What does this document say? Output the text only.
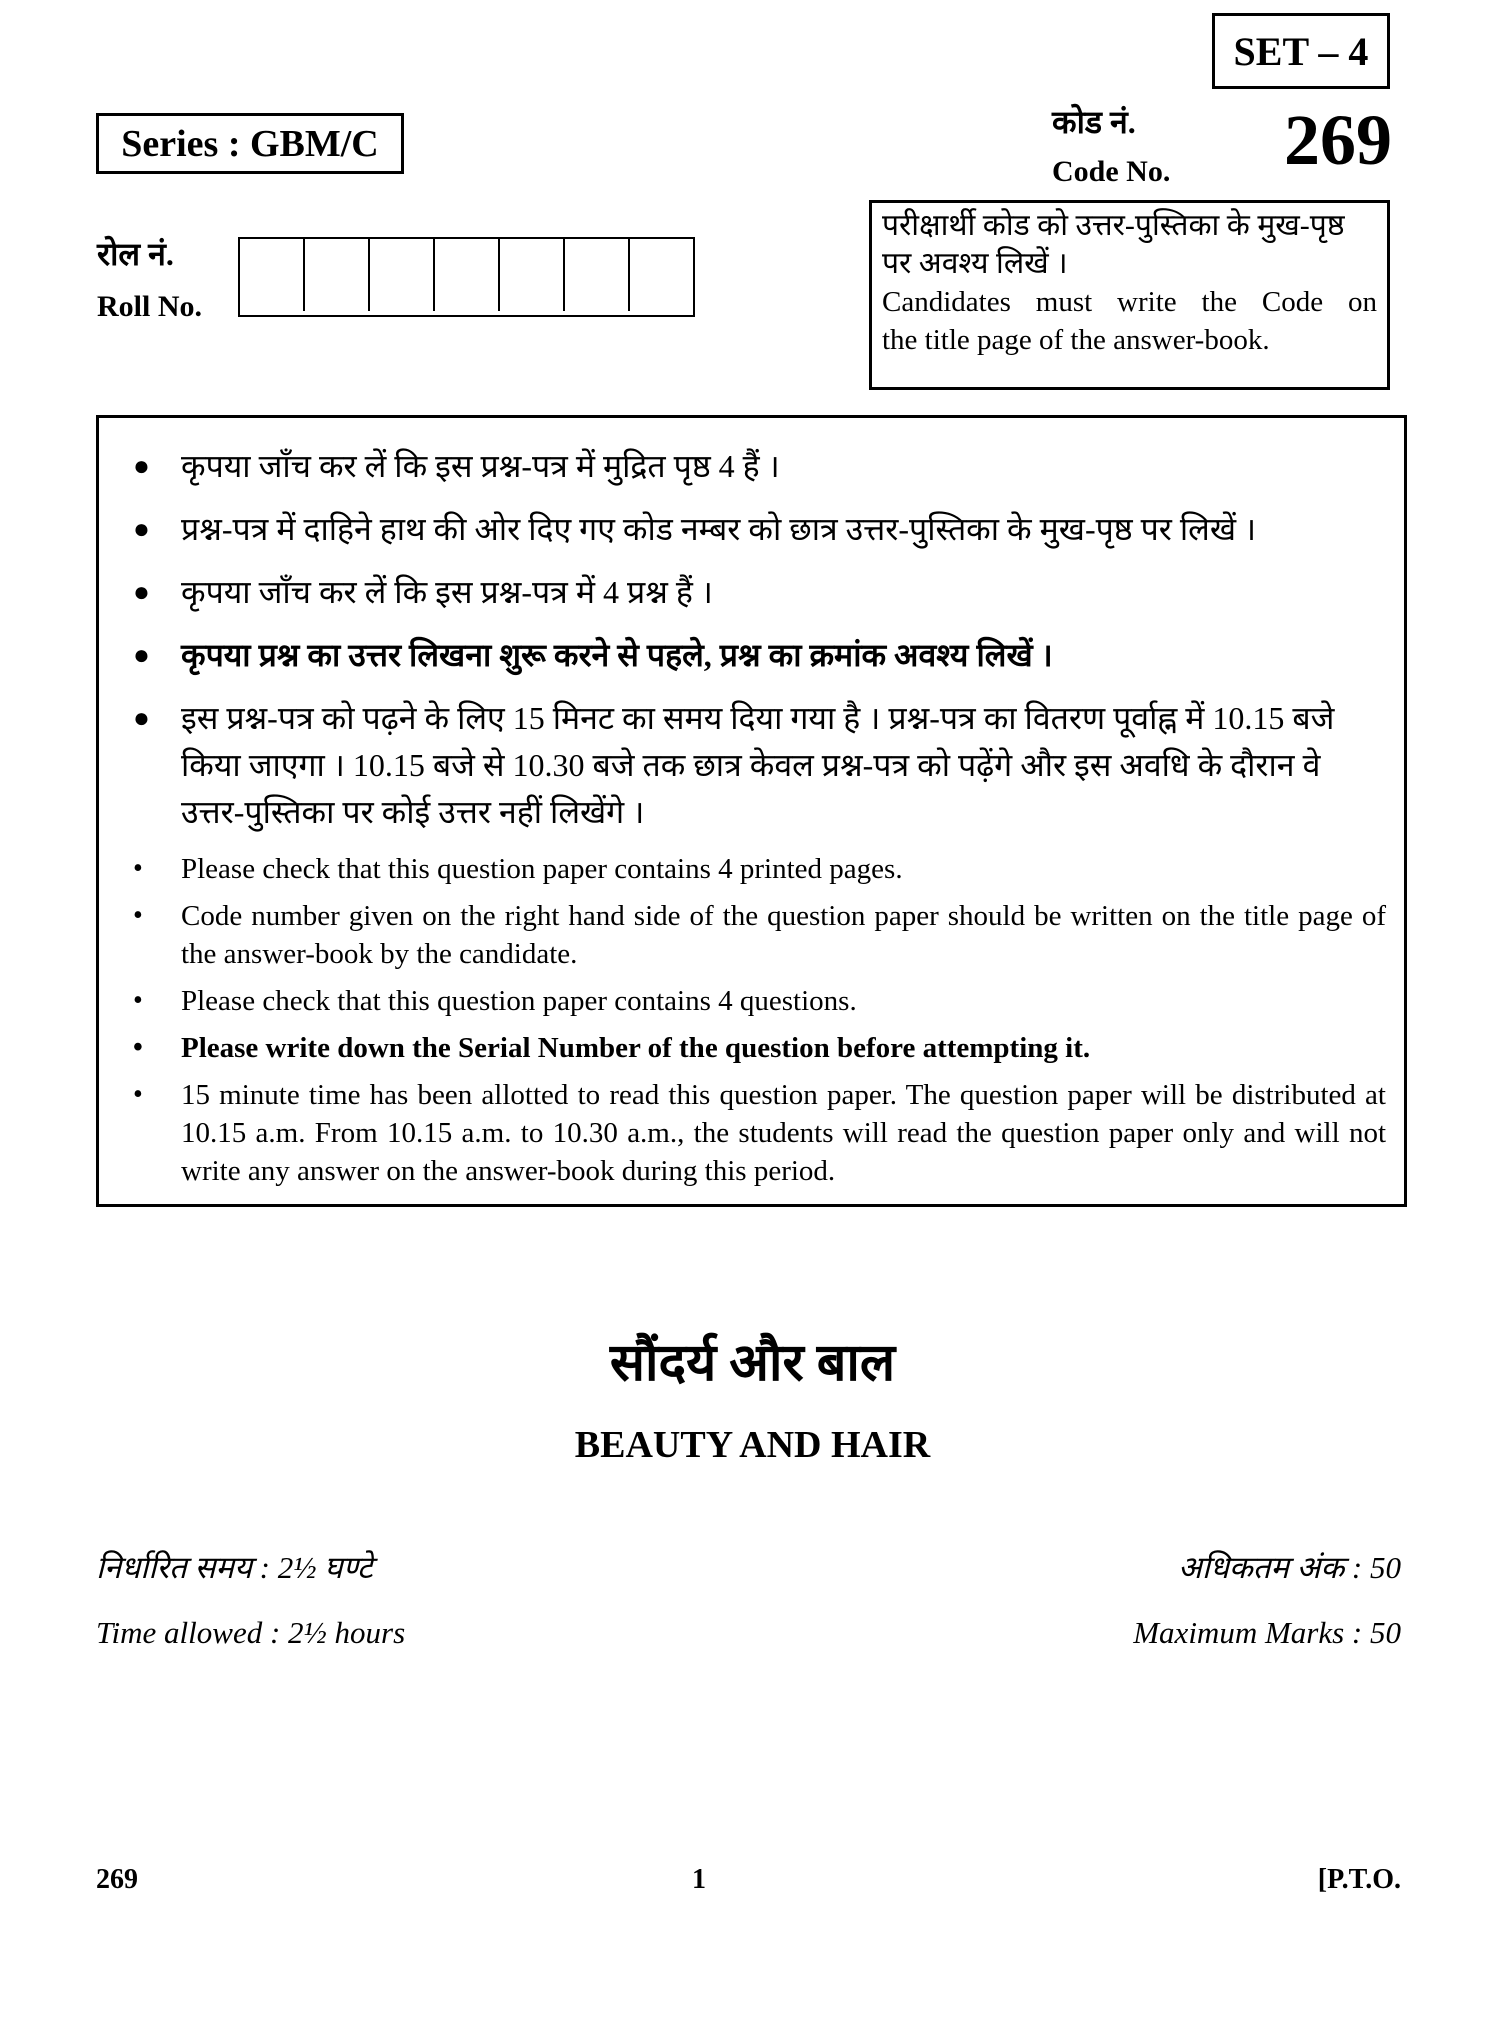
SET – 4
Series : GBM/C
कोड नं.
Code No. 269
रोल नं.
Roll No.
परीक्षार्थी कोड को उत्तर-पुस्तिका के मुख-पृष्ठ पर अवश्य लिखें ।
Candidates must write the Code on
the title page of the answer-book.
● कृपया जाँच कर लें कि इस प्रश्न-पत्र में मुद्रित पृष्ठ 4 हैं ।
● प्रश्न-पत्र में दाहिने हाथ की ओर दिए गए कोड नम्बर को छात्र उत्तर-पुस्तिका के मुख-पृष्ठ पर लिखें ।
● कृपया जाँच कर लें कि इस प्रश्न-पत्र में 4 प्रश्न हैं ।
● कृपया प्रश्न का उत्तर लिखना शुरू करने से पहले, प्रश्न का क्रमांक अवश्य लिखें ।
● इस प्रश्न-पत्र को पढ़ने के लिए 15 मिनट का समय दिया गया है । प्रश्न-पत्र का वितरण पूर्वाह्न में 10.15 बजे किया जाएगा । 10.15 बजे से 10.30 बजे तक छात्र केवल प्रश्न-पत्र को पढ़ेंगे और इस अवधि के दौरान वे उत्तर-पुस्तिका पर कोई उत्तर नहीं लिखेंगे ।
• Please check that this question paper contains 4 printed pages.
• Code number given on the right hand side of the question paper should be written on the title page of the answer-book by the candidate.
• Please check that this question paper contains 4 questions.
• Please write down the Serial Number of the question before attempting it.
• 15 minute time has been allotted to read this question paper. The question paper will be distributed at 10.15 a.m. From 10.15 a.m. to 10.30 a.m., the students will read the question paper only and will not write any answer on the answer-book during this period.
सौंदर्य और बाल
BEAUTY AND HAIR
निर्धारित समय : 2½ घण्टे	अधिकतम अंक : 50
Time allowed : 2½ hours	Maximum Marks : 50
269	1	[P.T.O.
